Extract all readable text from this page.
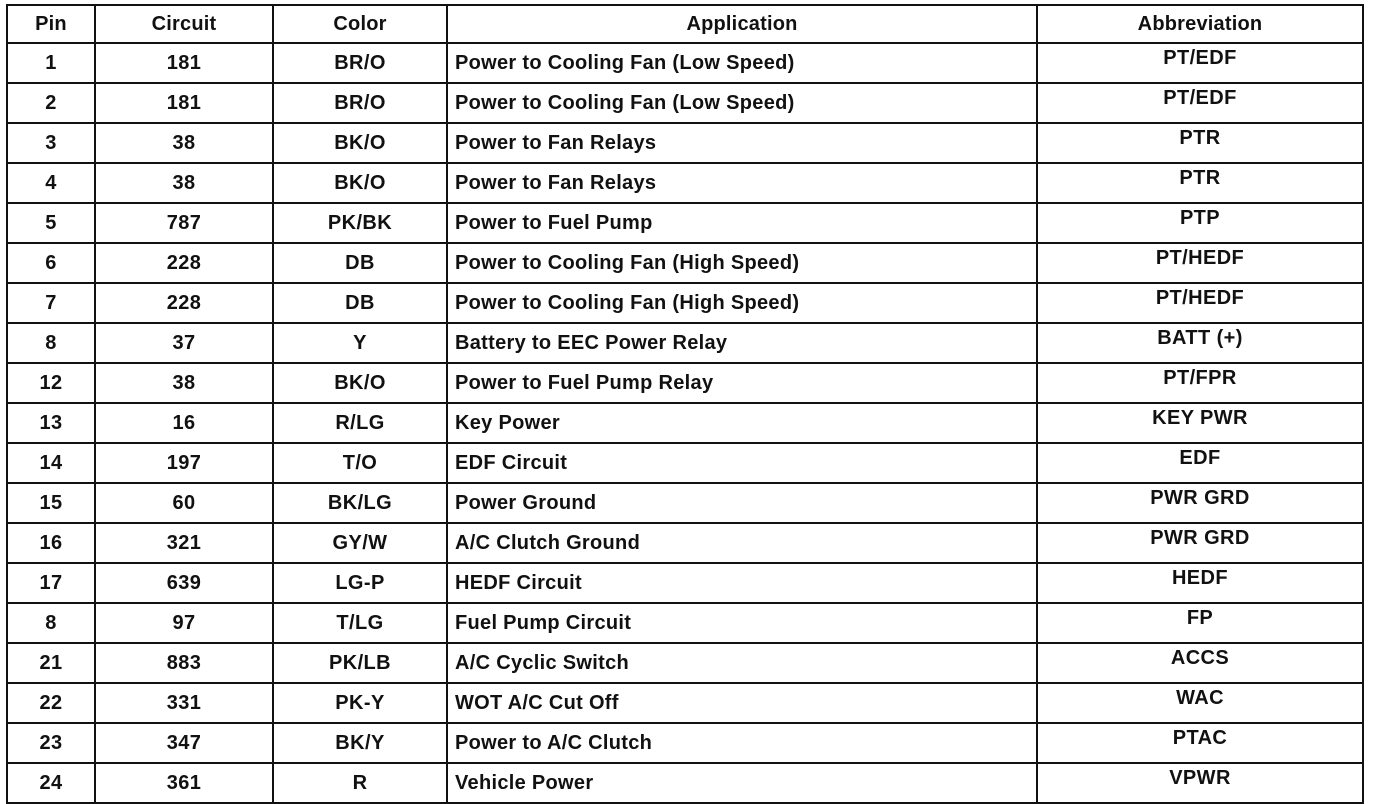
Pin	Circuit	Color	Application	Abbreviation
1	181	BR/O	Power to Cooling Fan (Low Speed)	PT/EDF
2	181	BR/O	Power to Cooling Fan (Low Speed)	PT/EDF
3	38	BK/O	Power to Fan Relays	PTR
4	38	BK/O	Power to Fan Relays	PTR
5	787	PK/BK	Power to Fuel Pump	PTP
6	228	DB	Power to Cooling Fan (High Speed)	PT/HEDF
7	228	DB	Power to Cooling Fan (High Speed)	PT/HEDF
8	37	Y	Battery to EEC Power Relay	BATT (+)
12	38	BK/O	Power to Fuel Pump Relay	PT/FPR
13	16	R/LG	Key Power	KEY PWR
14	197	T/O	EDF Circuit	EDF
15	60	BK/LG	Power Ground	PWR GRD
16	321	GY/W	A/C Clutch Ground	PWR GRD
17	639	LG-P	HEDF Circuit	HEDF
8	97	T/LG	Fuel Pump Circuit	FP
21	883	PK/LB	A/C Cyclic Switch	ACCS
22	331	PK-Y	WOT A/C Cut Off	WAC
23	347	BK/Y	Power to A/C Clutch	PTAC
24	361	R	Vehicle Power	VPWR
